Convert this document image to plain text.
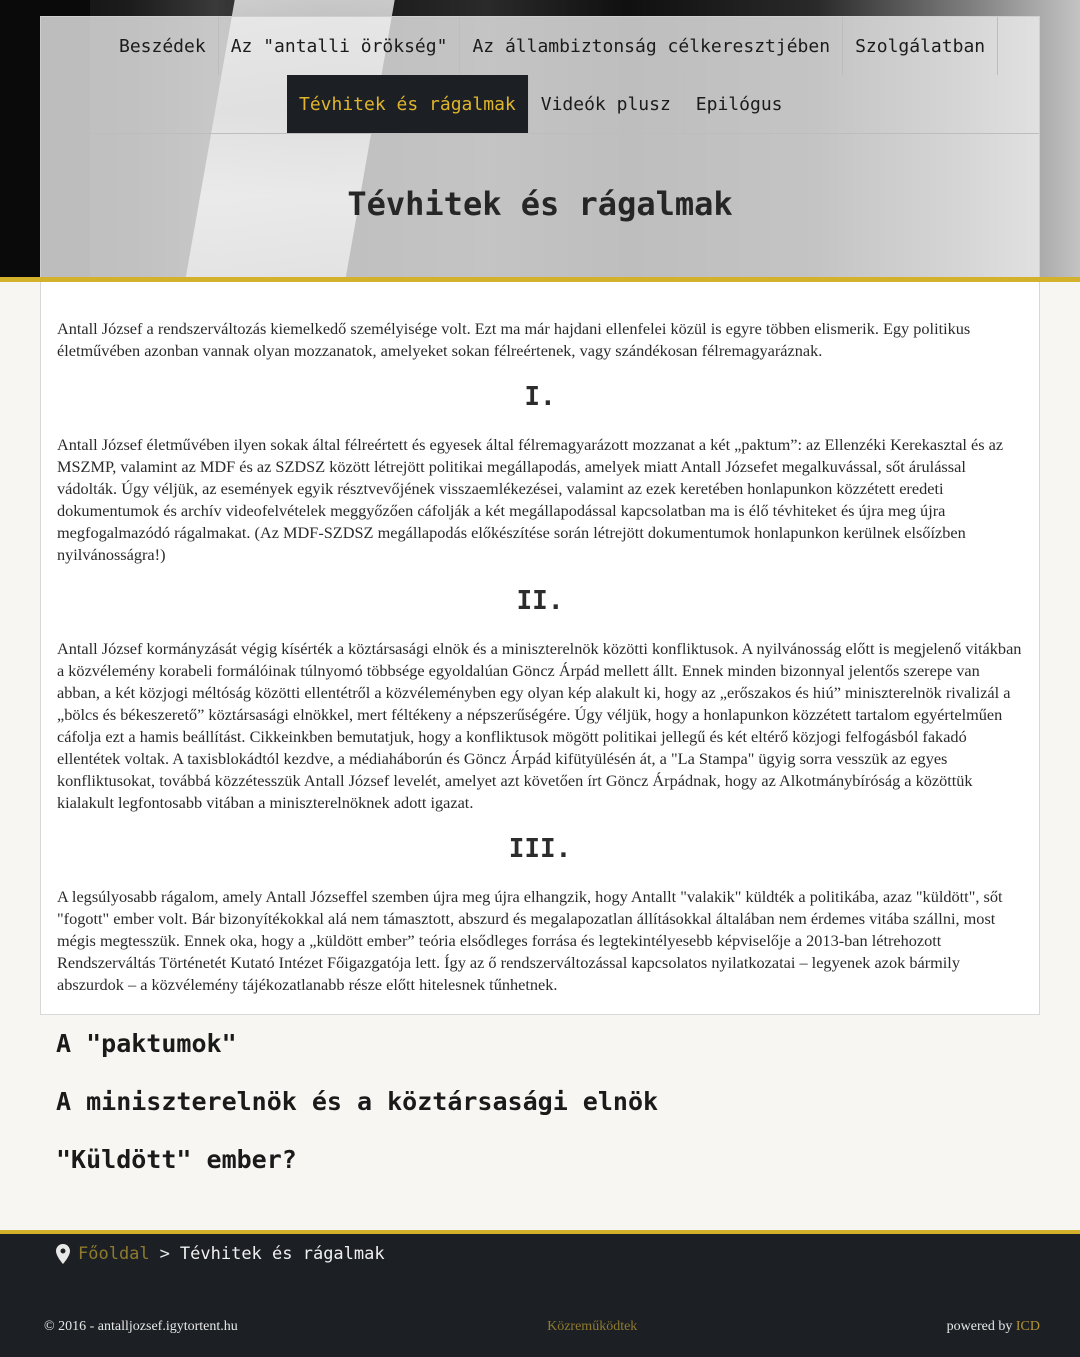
Beszédek	Az "antalli örökség"	Az állambiztonság célkeresztjében	Szolgálatban
Tévhitek és rágalmak	Videók plusz	Epilógus
Tévhitek és rágalmak

Antall József a rendszerváltozás kiemelkedő személyisége volt. Ezt ma már hajdani ellenfelei közül is egyre többen elismerik. Egy politikus életművében azonban vannak olyan mozzanatok, amelyeket sokan félreértenek, vagy szándékosan félremagyaráznak.

I.

Antall József életművében ilyen sokak által félreértett és egyesek által félremagyarázott mozzanat a két „paktum”: az Ellenzéki Kerekasztal és az MSZMP, valamint az MDF és az SZDSZ között létrejött politikai megállapodás, amelyek miatt Antall Józsefet megalkuvással, sőt árulással vádolták. Úgy véljük, az események egyik résztvevőjének visszaemlékezései, valamint az ezek keretében honlapunkon közzétett eredeti dokumentumok és archív videofelvételek meggyőzően cáfolják a két megállapodással kapcsolatban ma is élő tévhiteket és újra meg újra megfogalmazódó rágalmakat. (Az MDF-SZDSZ megállapodás előkészítése során létrejött dokumentumok honlapunkon kerülnek elsőízben nyilvánosságra!)

II.

Antall József kormányzását végig kísérték a köztársasági elnök és a miniszterelnök közötti konfliktusok. A nyilvánosság előtt is megjelenő vitákban a közvélemény korabeli formálóinak túlnyomó többsége egyoldalúan Göncz Árpád mellett állt. Ennek minden bizonnyal jelentős szerepe van abban, a két közjogi méltóság közötti ellentétről a közvéleményben egy olyan kép alakult ki, hogy az „erőszakos és hiú” miniszterelnök rivalizál a „bölcs és békeszerető” köztársasági elnökkel, mert féltékeny a népszerűségére. Úgy véljük, hogy a honlapunkon közzétett tartalom egyértelműen cáfolja ezt a hamis beállítást. Cikkeinkben bemutatjuk, hogy a konfliktusok mögött politikai jellegű és két eltérő közjogi felfogásból fakadó ellentétek voltak. A taxisblokádtól kezdve, a médiaháborún és Göncz Árpád kifütyülésén át, a "La Stampa" ügyig sorra vesszük az egyes konfliktusokat, továbbá közzétesszük Antall József levelét, amelyet azt követően írt Göncz Árpádnak, hogy az Alkotmánybíróság a közöttük kialakult legfontosabb vitában a miniszterelnöknek adott igazat.

III.

A legsúlyosabb rágalom, amely Antall Józseffel szemben újra meg újra elhangzik, hogy Antallt "valakik" küldték a politikába, azaz "küldött", sőt "fogott" ember volt. Bár bizonyítékokkal alá nem támasztott, abszurd és megalapozatlan állításokkal általában nem érdemes vitába szállni, most mégis megtesszük. Ennek oka, hogy a „küldött ember” teória elsődleges forrása és legtekintélyesebb képviselője a 2013-ban létrehozott Rendszerváltás Történetét Kutató Intézet Főigazgatója lett. Így az ő rendszerváltozással kapcsolatos nyilatkozatai – legyenek azok bármily abszurdok – a közvélemény tájékozatlanabb része előtt hitelesnek tűnhetnek.

A "paktumok"
A miniszterelnök és a köztársasági elnök
"Küldött" ember?
Főoldal > Tévhitek és rágalmak
© 2016 - antalljozsef.igytortent.hu	Közreműködtek	powered by ICD
